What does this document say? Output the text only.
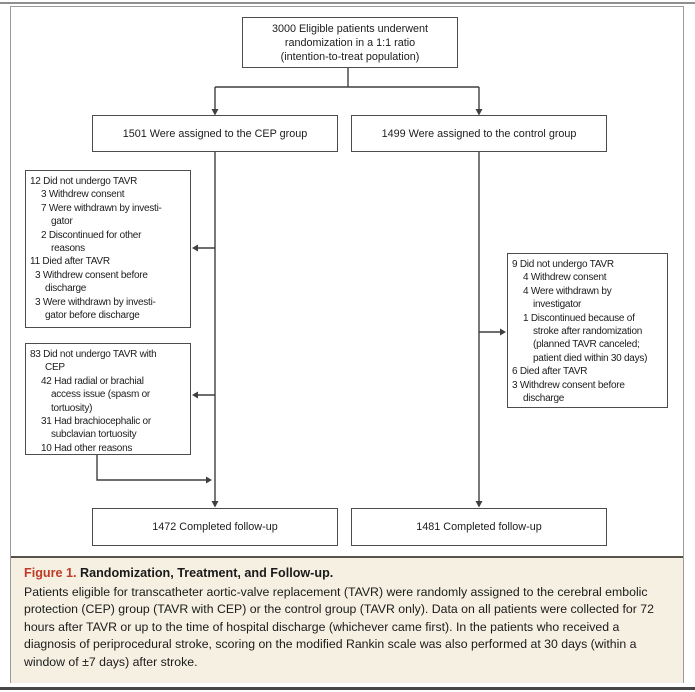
3000 Eligible patients underwent
randomization in a 1:1 ratio
(intention-to-treat population)
1501 Were assigned to the CEP group	1499 Were assigned to the control group
12 Did not undergo TAVR
3 Withdrew consent
7 Were withdrawn by investi-
gator
2 Discontinued for other
reasons
11 Died after TAVR
3 Withdrew consent before
discharge
3 Were withdrawn by investi-
gator before discharge
83 Did not undergo TAVR with
CEP
42 Had radial or brachial
access issue (spasm or
tortuosity)
31 Had brachiocephalic or
subclavian tortuosity
10 Had other reasons
9 Did not undergo TAVR
4 Withdrew consent
4 Were withdrawn by
investigator
1 Discontinued because of
stroke after randomization
(planned TAVR canceled;
patient died within 30 days)
6 Died after TAVR
3 Withdrew consent before
discharge
1472 Completed follow-up	1481 Completed follow-up

Figure 1. Randomization, Treatment, and Follow-up.

Patients eligible for transcatheter aortic-valve replacement (TAVR) were randomly assigned to the cerebral embolic protection (CEP) group (TAVR with CEP) or the control group (TAVR only). Data on all patients were collected for 72 hours after TAVR or up to the time of hospital discharge (whichever came first). In the patients who received a diagnosis of periprocedural stroke, scoring on the modified Rankin scale was also performed at 30 days (within a window of ±7 days) after stroke.
